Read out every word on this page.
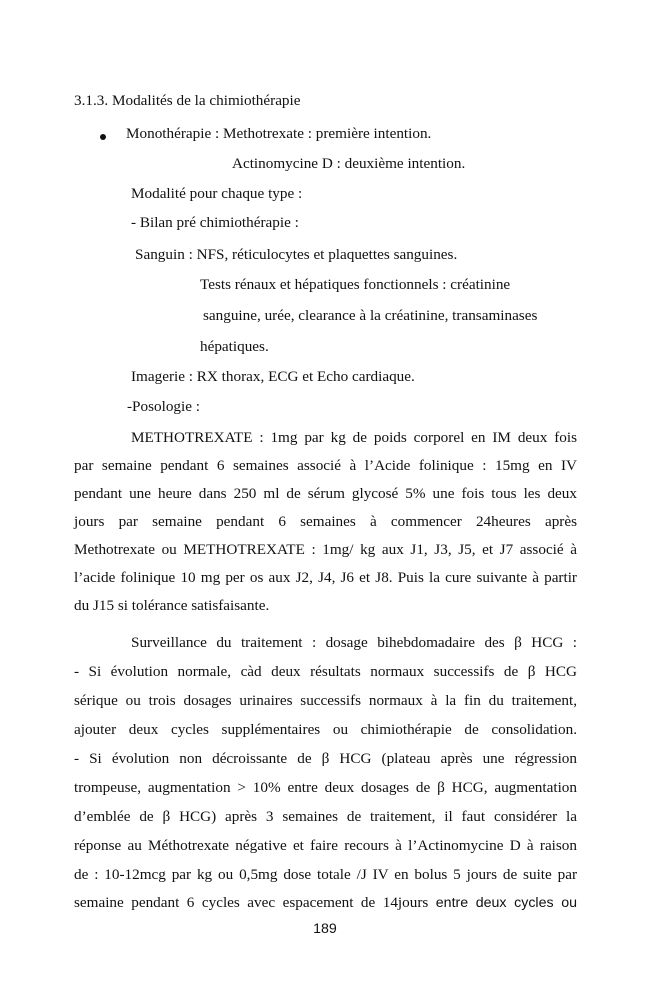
3.1.3. Modalités de la chimiothérapie
Monothérapie : Methotrexate : première intention.
Actinomycine D : deuxième intention.
Modalité pour chaque type :
- Bilan pré chimiothérapie :
Sanguin : NFS, réticulocytes et plaquettes sanguines.
Tests rénaux et hépatiques fonctionnels : créatinine
sanguine, urée, clearance à la créatinine, transaminases
hépatiques.
Imagerie : RX thorax, ECG et Echo cardiaque.
-Posologie :
METHOTREXATE : 1mg par kg de poids corporel en IM deux fois
par semaine pendant 6 semaines associé à l’Acide folinique : 15mg en IV
pendant une heure dans 250 ml de sérum glycosé 5% une fois tous les deux
jours par semaine pendant 6 semaines à commencer 24heures après
Methotrexate ou METHOTREXATE : 1mg/ kg aux J1, J3, J5, et J7 associé à
l’acide folinique 10 mg per os aux J2, J4, J6 et J8. Puis la cure suivante à partir
du J15 si tolérance satisfaisante.
Surveillance du traitement : dosage bihebdomadaire des β HCG :
- Si évolution normale, càd deux résultats normaux successifs de β HCG
sérique ou trois dosages urinaires successifs normaux à la fin du traitement,
ajouter deux cycles supplémentaires ou chimiothérapie de consolidation.
- Si évolution non décroissante de β HCG (plateau après une régression
trompeuse, augmentation > 10% entre deux dosages de β HCG, augmentation
d’emblée de β HCG) après 3 semaines de traitement, il faut considérer la
réponse au Méthotrexate négative et faire recours à l’Actinomycine D à raison
de : 10-12mcg par kg ou 0,5mg dose totale /J IV en bolus 5 jours de suite par
semaine pendant 6 cycles avec espacement de 14jours entre deux cycles ou
189
